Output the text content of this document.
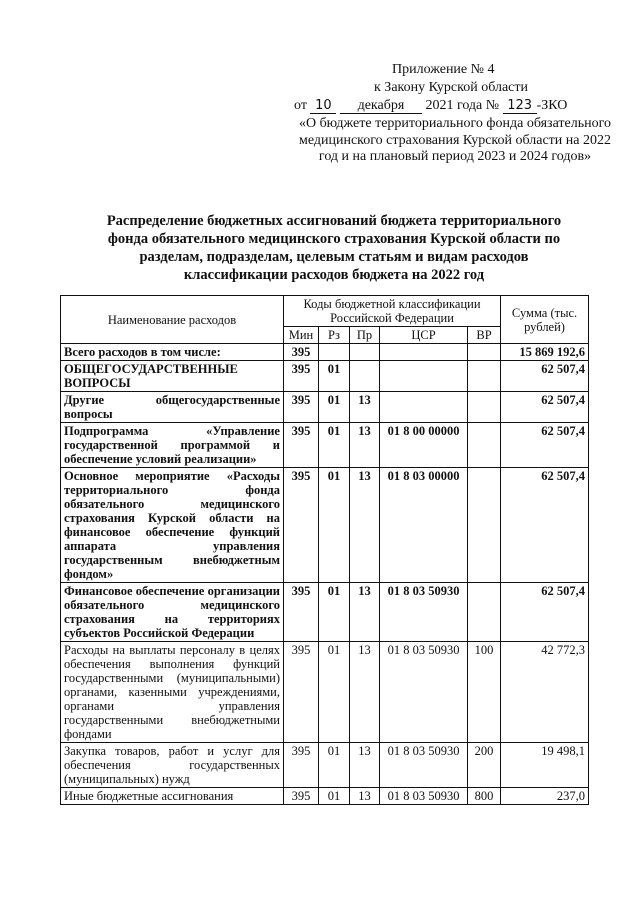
Приложение № 4
к Закону Курской области
от 10 декабря 2021 года № 123 -ЗКО
«О бюджете территориального фонда обязательного медицинского страхования Курской области на 2022 год и на плановый период 2023 и 2024 годов»
Распределение бюджетных ассигнований бюджета территориального фонда обязательного медицинского страхования Курской области по разделам, подразделам, целевым статьям и видам расходов классификации расходов бюджета на 2022 год
Наименование расходов	Коды бюджетной классификации Российской Федерации					Сумма (тыс. рублей)
	Мин	Рз	Пр	ЦСР	ВР	
Всего расходов в том числе:	395					15 869 192,6
ОБЩЕГОСУДАРСТВЕННЫЕ ВОПРОСЫ	395	01				62 507,4
Другие общегосударственные вопросы	395	01	13			62 507,4
Подпрограмма «Управление государственной программой и обеспечение условий реализации»	395	01	13	01 8 00 00000		62 507,4
Основное мероприятие «Расходы территориального фонда обязательного медицинского страхования Курской области на финансовое обеспечение функций аппарата управления государственным внебюджетным фондом»	395	01	13	01 8 03 00000		62 507,4
Финансовое обеспечение организации обязательного медицинского страхования на территориях субъектов Российской Федерации	395	01	13	01 8 03 50930		62 507,4
Расходы на выплаты персоналу в целях обеспечения выполнения функций государственными (муниципальными) органами, казенными учреждениями, органами управления государственными внебюджетными фондами	395	01	13	01 8 03 50930	100	42 772,3
Закупка товаров, работ и услуг для обеспечения государственных (муниципальных) нужд	395	01	13	01 8 03 50930	200	19 498,1
Иные бюджетные ассигнования	395	01	13	01 8 03 50930	800	237,0
